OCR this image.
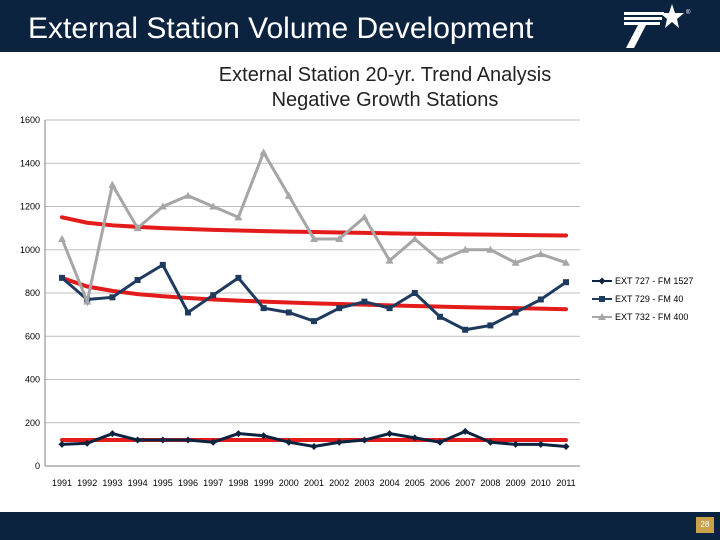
External Station Volume Development	®
External Station 20-yr. Trend Analysis
Negative Growth Stations
0
200
400
600
800
1000
1200
1400
1600
1991 1992 1993 1994 1995 1996 1997 1998 1999 2000 2001 2002 2003 2004 2005 2006 2007 2008 2009 2010 2011
EXT 727 - FM 1527
EXT 729 - FM 40
EXT 732 - FM 400
28
